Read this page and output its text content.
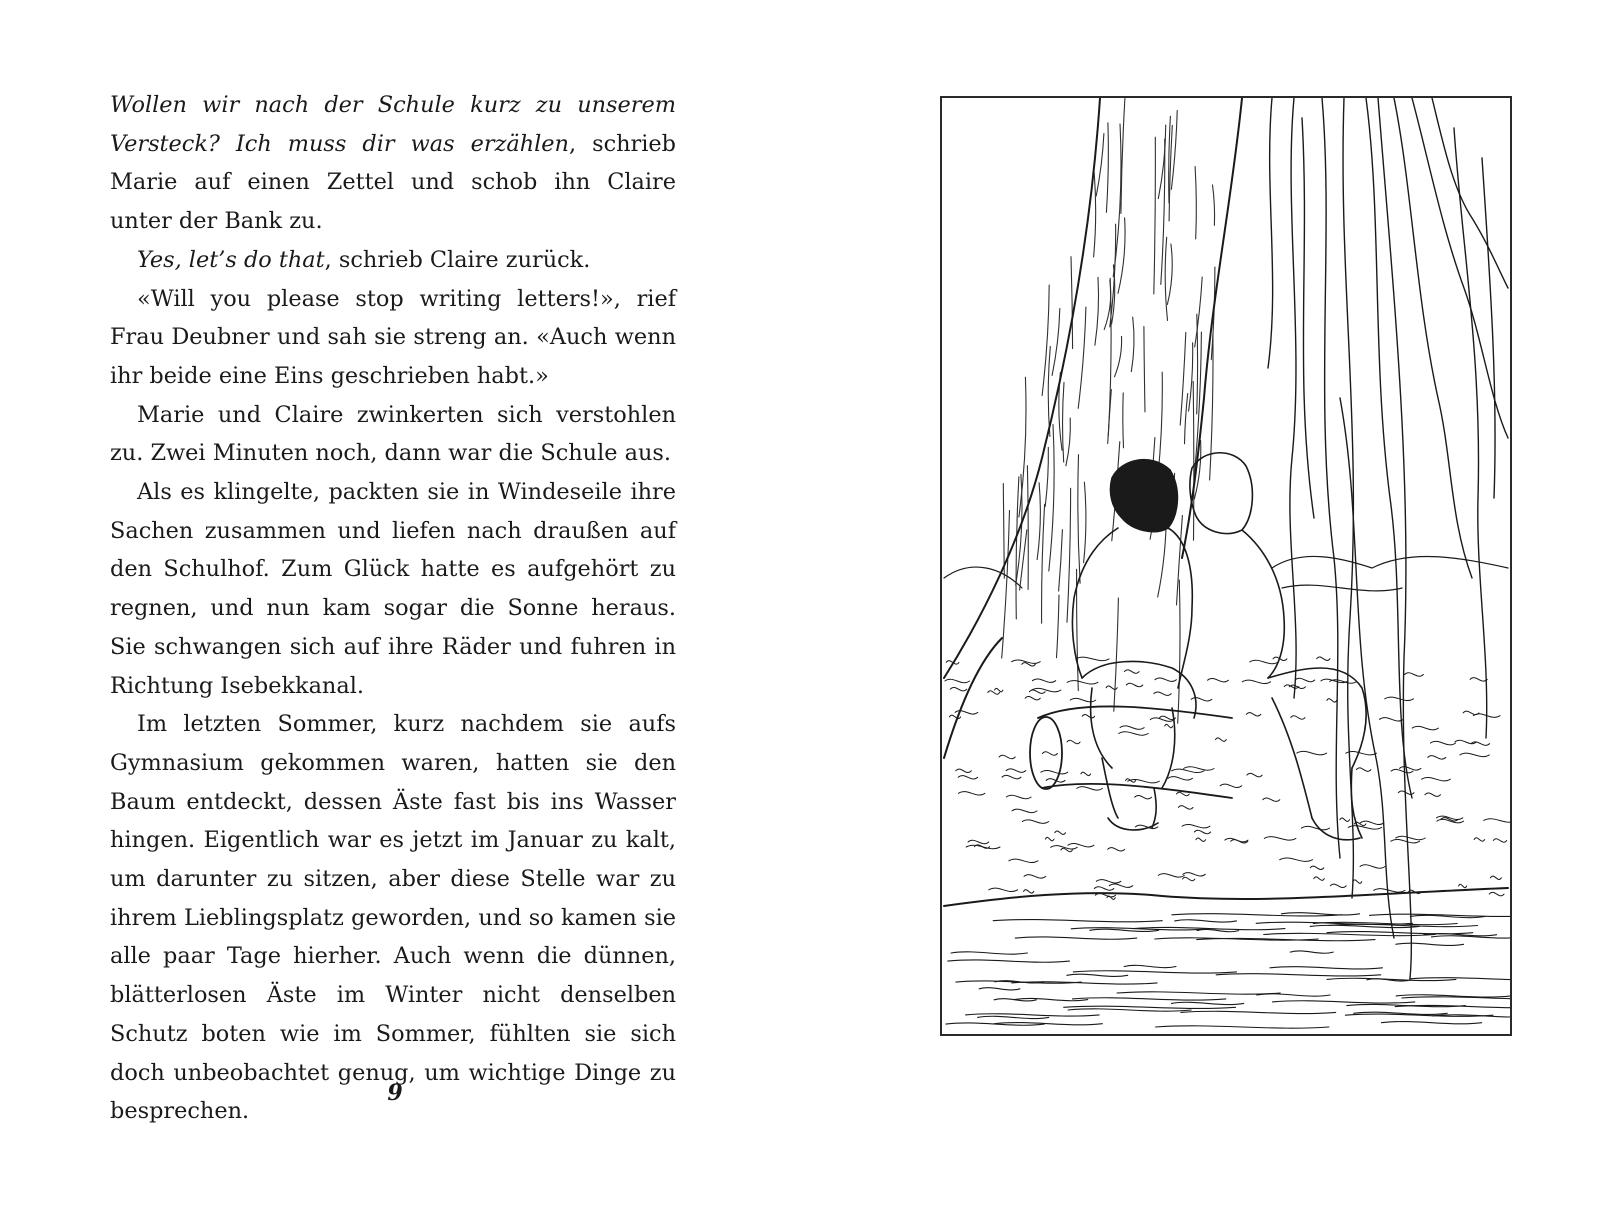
Wollen wir nach der Schule kurz zu unserem Versteck? Ich muss dir was erzählen, schrieb Marie auf einen Zettel und schob ihn Claire unter der Bank zu.

Yes, let’s do that, schrieb Claire zurück.

«Will you please stop writing letters!», rief Frau Deubner und sah sie streng an. «Auch wenn ihr beide eine Eins geschrieben habt.»

Marie und Claire zwinkerten sich verstohlen zu. Zwei Minuten noch, dann war die Schule aus.

Als es klingelte, packten sie in Windeseile ihre Sachen zusammen und liefen nach draußen auf den Schulhof. Zum Glück hatte es aufgehört zu regnen, und nun kam sogar die Sonne heraus. Sie schwangen sich auf ihre Räder und fuhren in Richtung Isebekkanal.

Im letzten Sommer, kurz nachdem sie aufs Gymnasium gekommen waren, hatten sie den Baum entdeckt, dessen Äste fast bis ins Wasser hingen. Eigentlich war es jetzt im Januar zu kalt, um darunter zu sitzen, aber diese Stelle war zu ihrem Lieblingsplatz geworden, und so kamen sie alle paar Tage hierher. Auch wenn die dünnen, blätterlosen Äste im Winter nicht denselben Schutz boten wie im Sommer, fühlten sie sich doch unbeobachtet genug, um wichtige Dinge zu besprechen.

9
